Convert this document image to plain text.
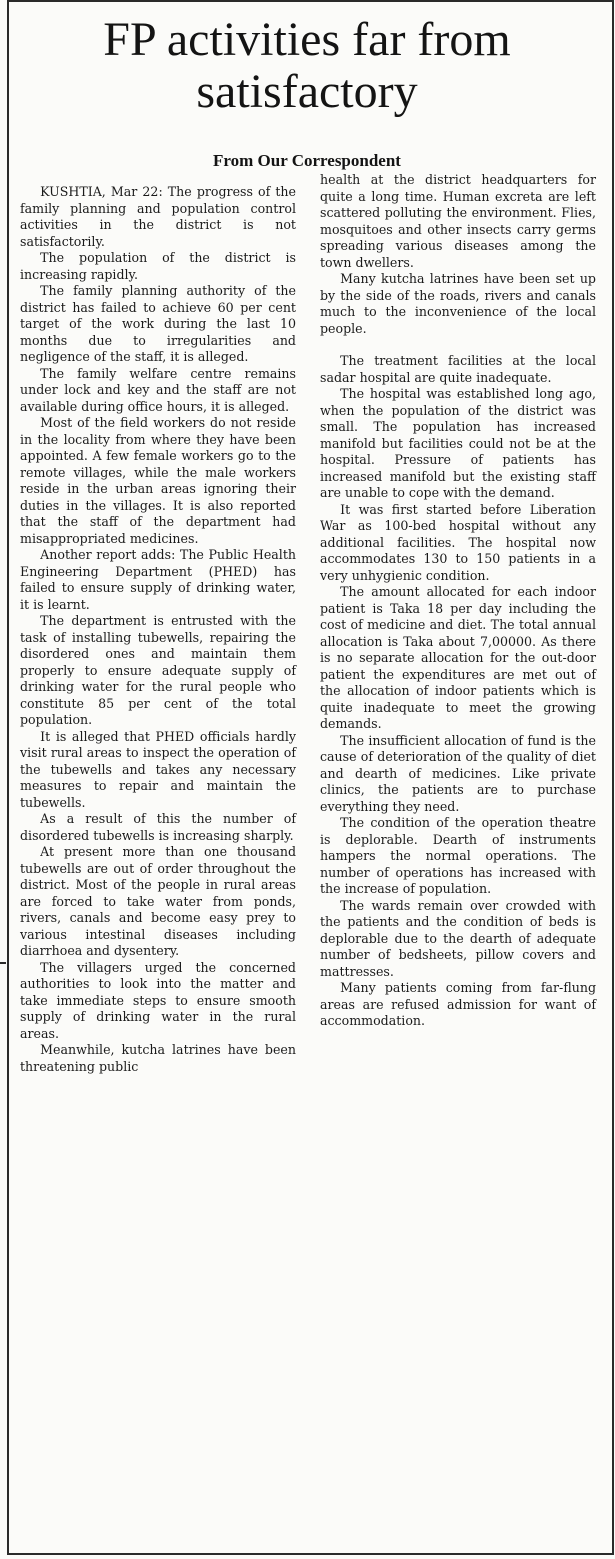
FP activities far from
satisfactory
From Our Correspondent

KUSHTIA, Mar 22: The progress of the family planning and population control activities in the district is not satisfactorily.

The population of the district is increasing rapidly.

The family planning authority of the district has failed to achieve 60 per cent target of the work during the last 10 months due to irregularities and negligence of the staff, it is alleged.

The family welfare centre remains under lock and key and the staff are not available during office hours, it is alleged.

Most of the field workers do not reside in the locality from where they have been appointed. A few female workers go to the remote villages, while the male workers reside in the urban areas ignoring their duties in the villages. It is also reported that the staff of the department had misappropriated medicines.

Another report adds: The Public Health Engineering Department (PHED) has failed to ensure supply of drinking water, it is learnt.

The department is entrusted with the task of installing tubewells, repairing the disordered ones and maintain them properly to ensure adequate supply of drinking water for the rural people who constitute 85 per cent of the total population.

It is alleged that PHED officials hardly visit rural areas to inspect the operation of the tubewells and takes any necessary measures to repair and maintain the tubewells.

As a result of this the number of disordered tubewells is increasing sharply.

At present more than one thousand tubewells are out of order throughout the district. Most of the people in rural areas are forced to take water from ponds, rivers, canals and become easy prey to various intestinal diseases including diarrhoea and dysentery.

The villagers urged the concerned authorities to look into the matter and take immediate steps to ensure smooth supply of drinking water in the rural areas.

Meanwhile, kutcha latrines have been threatening public

health at the district headquarters for quite a long time. Human excreta are left scattered polluting the environment. Flies, mosquitoes and other insects carry germs spreading various diseases among the town dwellers.

Many kutcha latrines have been set up by the side of the roads, rivers and canals much to the inconvenience of the local people.

The treatment facilities at the local sadar hospital are quite inadequate.

The hospital was established long ago, when the population of the district was small. The population has increased manifold but facilities could not be at the hospital. Pressure of patients has increased manifold but the existing staff are unable to cope with the demand.

It was first started before Liberation War as 100-bed hospital without any additional facilities. The hospital now accommodates 130 to 150 patients in a very unhygienic condition.

The amount allocated for each indoor patient is Taka 18 per day including the cost of medicine and diet. The total annual allocation is Taka about 7,00000. As there is no separate allocation for the out-door patient the expenditures are met out of the allocation of indoor patients which is quite inadequate to meet the growing demands.

The insufficient allocation of fund is the cause of deterioration of the quality of diet and dearth of medicines. Like private clinics, the patients are to purchase everything they need.

The condition of the operation theatre is deplorable. Dearth of instruments hampers the normal operations. The number of operations has increased with the increase of population.

The wards remain over crowded with the patients and the condition of beds is deplorable due to the dearth of adequate number of bedsheets, pillow covers and mattresses.

Many patients coming from far-flung areas are refused admission for want of accommodation.
